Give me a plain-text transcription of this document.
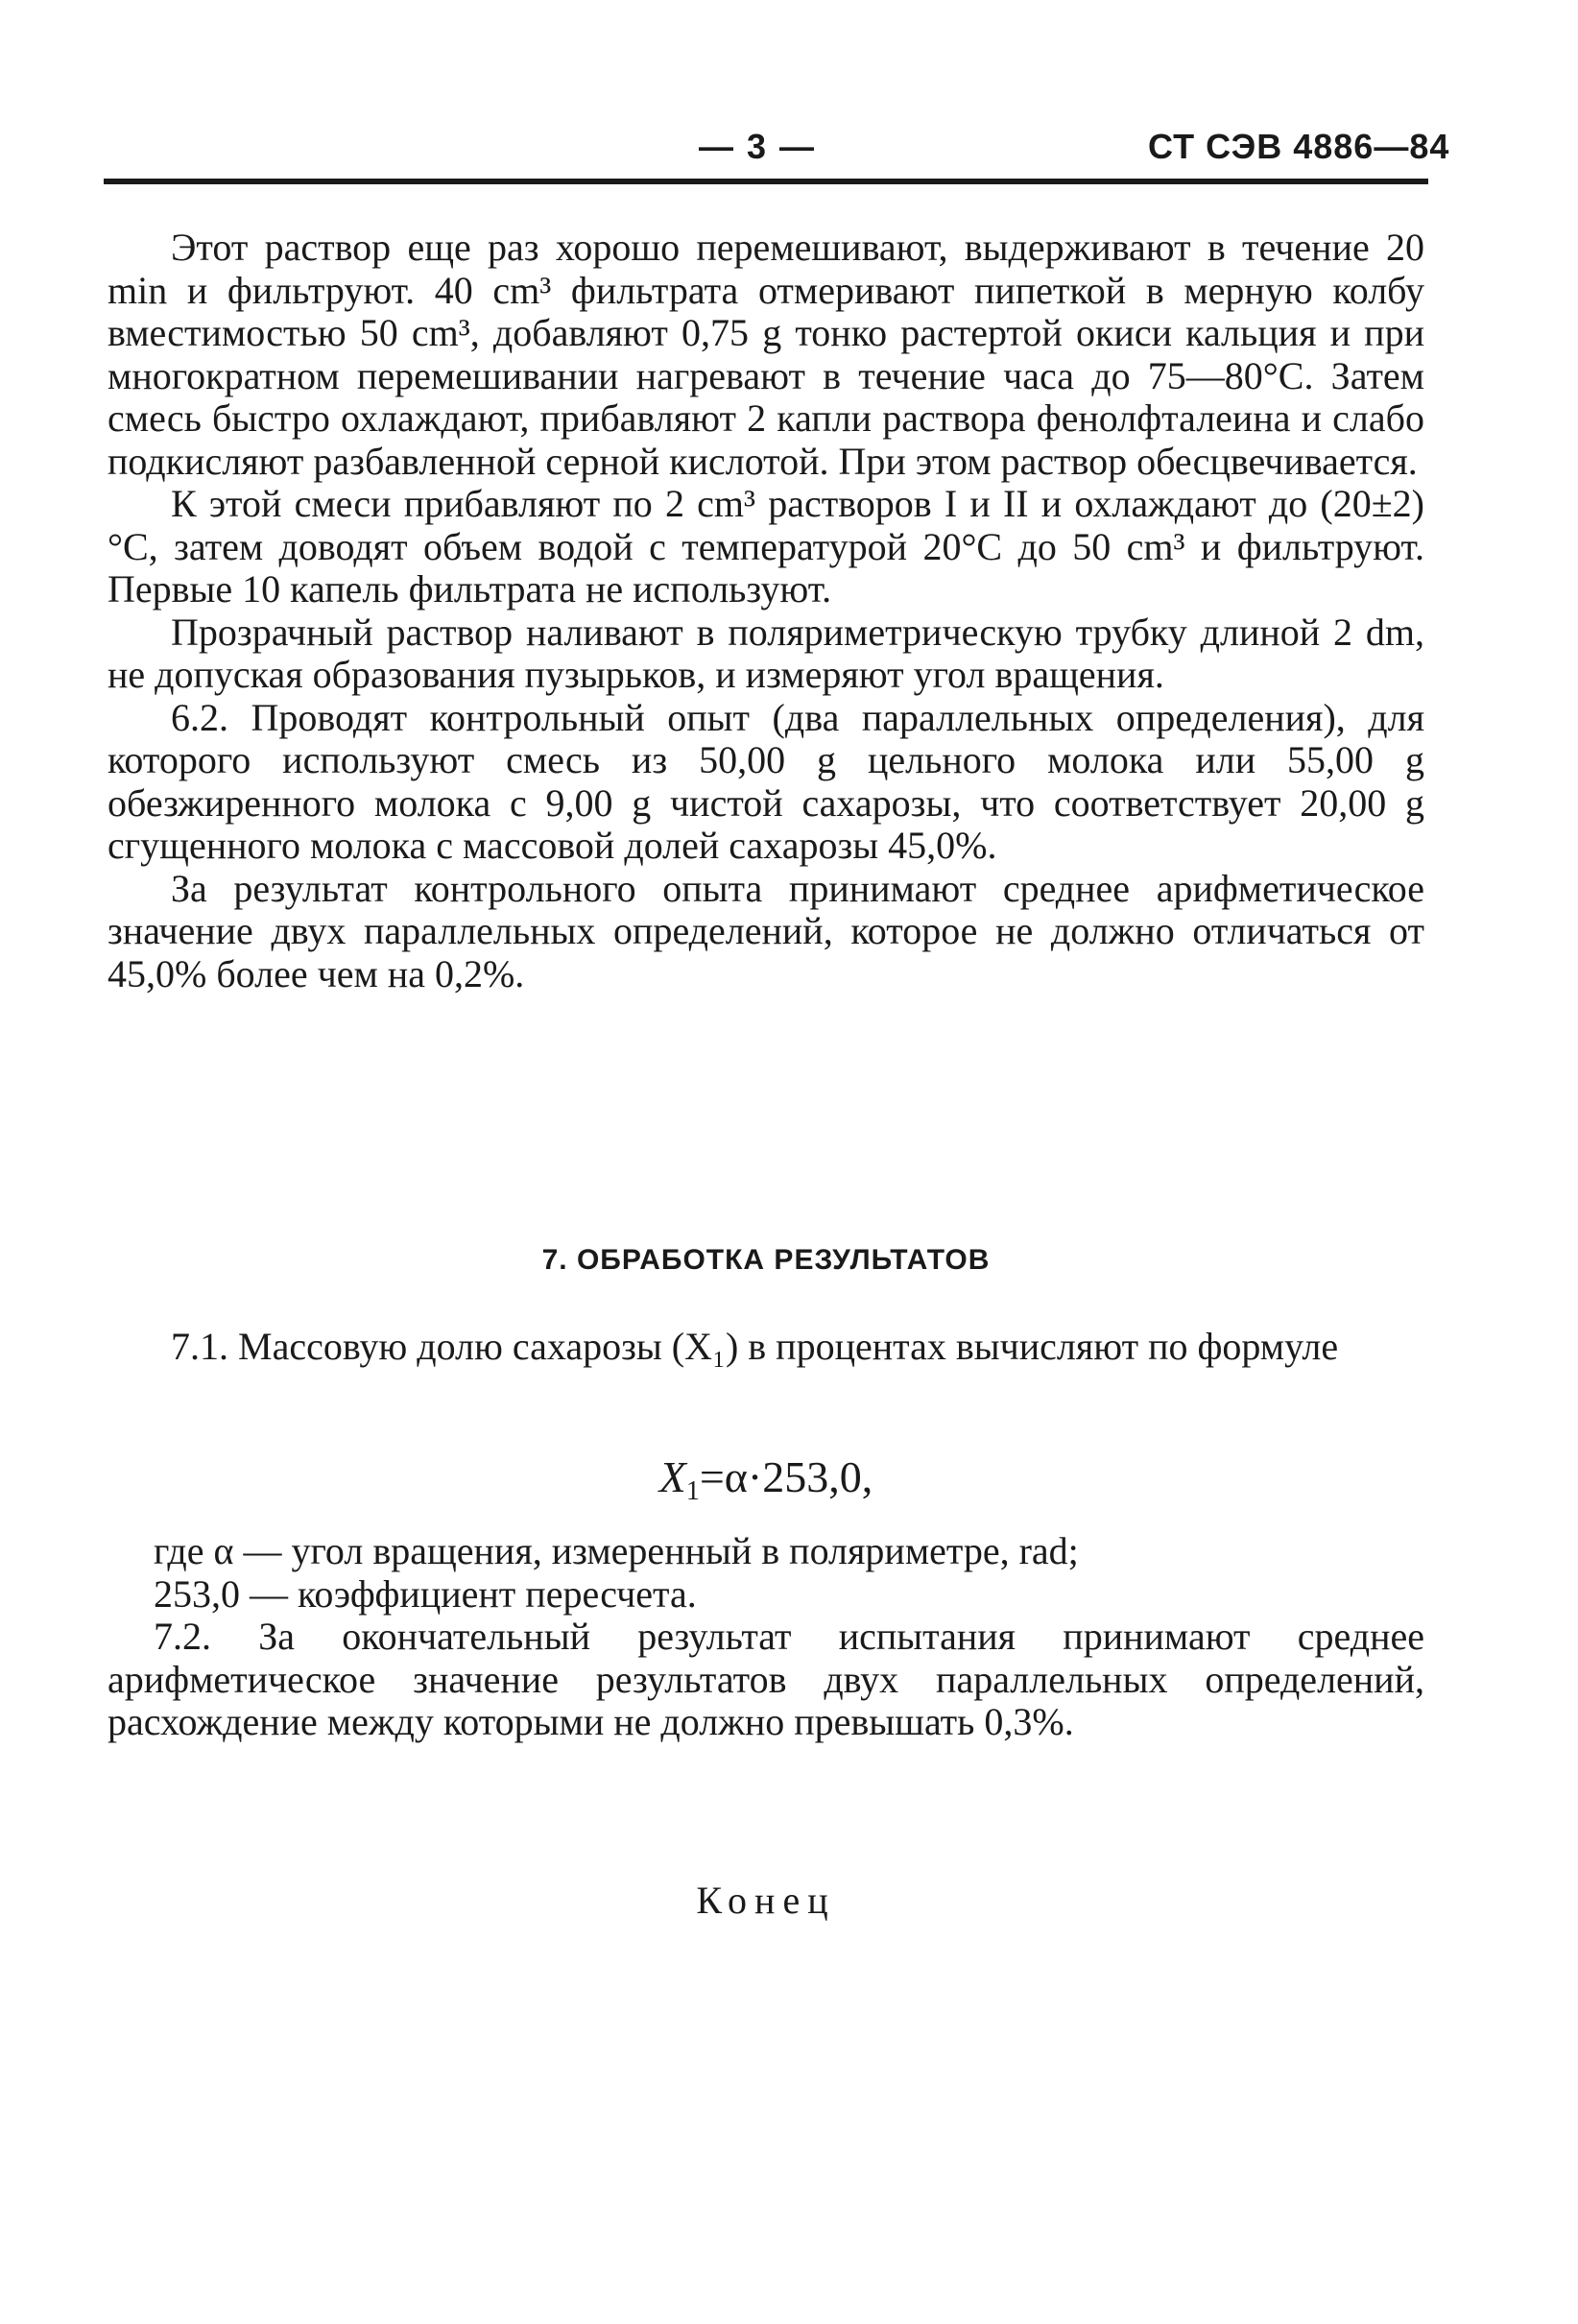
— 3 —	СТ СЭВ 4886—84

Этот раствор еще раз хорошо перемешивают, выдерживают в течение 20 min и фильтруют. 40 cm³ фильтрата отмеривают пипеткой в мерную колбу вместимостью 50 cm³, добавляют 0,75 g тонко растертой окиси кальция и при многократном перемешивании нагревают в течение часа до 75—80°С. Затем смесь быстро охлаждают, прибавляют 2 капли раствора фенолфталеина и слабо подкисляют разбавленной серной кислотой. При этом раствор обесцвечивается.

К этой смеси прибавляют по 2 cm³ растворов I и II и охлаждают до (20±2)°С, затем доводят объем водой с температурой 20°С до 50 cm³ и фильтруют. Первые 10 капель фильтрата не используют.

Прозрачный раствор наливают в поляриметрическую трубку длиной 2 dm, не допуская образования пузырьков, и измеряют угол вращения.

6.2. Проводят контрольный опыт (два параллельных определения), для которого используют смесь из 50,00 g цельного молока или 55,00 g обезжиренного молока с 9,00 g чистой сахарозы, что соответствует 20,00 g сгущенного молока с массовой долей сахарозы 45,0%.

За результат контрольного опыта принимают среднее арифметическое значение двух параллельных определений, которое не должно отличаться от 45,0% более чем на 0,2%.

7. ОБРАБОТКА РЕЗУЛЬТАТОВ

7.1. Массовую долю сахарозы (X₁) в процентах вычисляют по формуле

$X_1=\alpha\cdot 253,0$,

где α — угол вращения, измеренный в поляриметре, rad;

253,0 — коэффициент пересчета.

7.2. За окончательный результат испытания принимают среднее арифметическое значение результатов двух параллельных определений, расхождение между которыми не должно превышать 0,3%.

Конец
